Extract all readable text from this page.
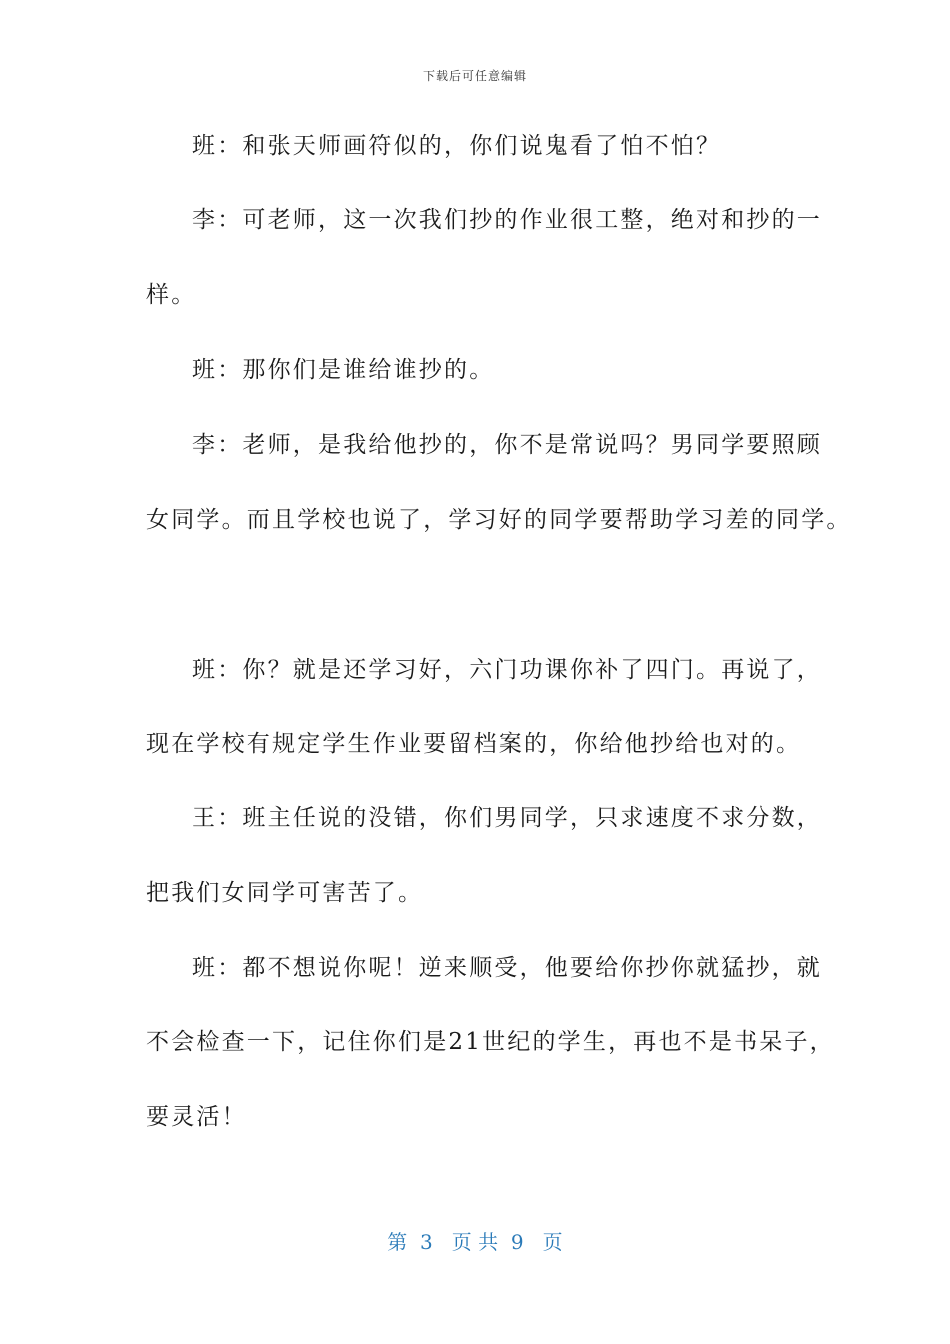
下载后可任意编辑
班：和张天师画符似的，你们说鬼看了怕不怕？
李：可老师，这一次我们抄的作业很工整，绝对和抄的一
样。
班：那你们是谁给谁抄的。
李：老师，是我给他抄的，你不是常说吗？男同学要照顾
女同学。而且学校也说了，学习好的同学要帮助学习差的同学。
班：你？就是还学习好，六门功课你补了四门。再说了，
现在学校有规定学生作业要留档案的，你给他抄给也对的。
王：班主任说的没错，你们男同学，只求速度不求分数，
把我们女同学可害苦了。
班：都不想说你呢！逆来顺受，他要给你抄你就猛抄，就
不会检查一下，记住你们是21世纪的学生，再也不是书呆子，
要灵活！
第  3   页 共  9   页
